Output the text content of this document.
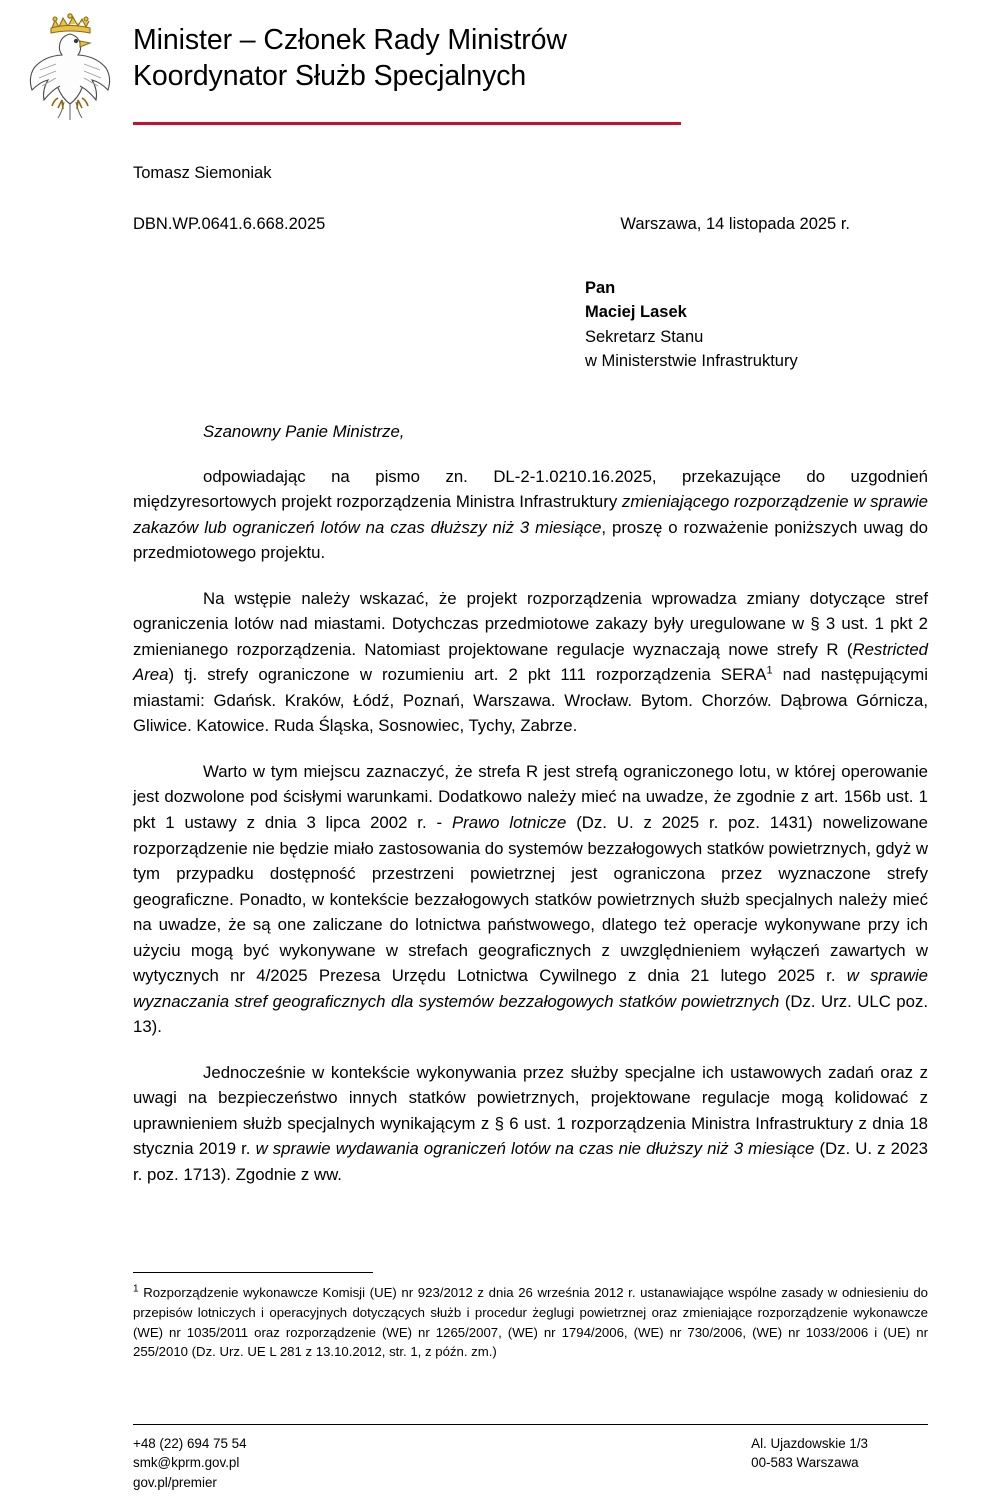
Minister – Członek Rady Ministrów
Koordynator Służb Specjalnych
Tomasz Siemoniak
DBN.WP.0641.6.668.2025	Warszawa, 14 listopada 2025 r.
Pan
Maciej Lasek
Sekretarz Stanu
w Ministerstwie Infrastruktury
Szanowny Panie Ministrze,

odpowiadając na pismo zn. DL-2-1.0210.16.2025, przekazujące do uzgodnień międzyresortowych projekt rozporządzenia Ministra Infrastruktury zmieniającego rozporządzenie w sprawie zakazów lub ograniczeń lotów na czas dłuższy niż 3 miesiące, proszę o rozważenie poniższych uwag do przedmiotowego projektu.

Na wstępie należy wskazać, że projekt rozporządzenia wprowadza zmiany dotyczące stref ograniczenia lotów nad miastami. Dotychczas przedmiotowe zakazy były uregulowane w § 3 ust. 1 pkt 2 zmienianego rozporządzenia. Natomiast projektowane regulacje wyznaczają nowe strefy R (Restricted Area) tj. strefy ograniczone w rozumieniu art. 2 pkt 111 rozporządzenia SERA$^1$ nad następującymi miastami: Gdańsk. Kraków, Łódź, Poznań, Warszawa. Wrocław. Bytom. Chorzów. Dąbrowa Górnicza, Gliwice. Katowice. Ruda Śląska, Sosnowiec, Tychy, Zabrze.

Warto w tym miejscu zaznaczyć, że strefa R jest strefą ograniczonego lotu, w której operowanie jest dozwolone pod ścisłymi warunkami. Dodatkowo należy mieć na uwadze, że zgodnie z art. 156b ust. 1 pkt 1 ustawy z dnia 3 lipca 2002 r. - Prawo lotnicze (Dz. U. z 2025 r. poz. 1431) nowelizowane rozporządzenie nie będzie miało zastosowania do systemów bezzałogowych statków powietrznych, gdyż w tym przypadku dostępność przestrzeni powietrznej jest ograniczona przez wyznaczone strefy geograficzne. Ponadto, w kontekście bezzałogowych statków powietrznych służb specjalnych należy mieć na uwadze, że są one zaliczane do lotnictwa państwowego, dlatego też operacje wykonywane przy ich użyciu mogą być wykonywane w strefach geograficznych z uwzględnieniem wyłączeń zawartych w wytycznych nr 4/2025 Prezesa Urzędu Lotnictwa Cywilnego z dnia 21 lutego 2025 r. w sprawie wyznaczania stref geograficznych dla systemów bezzałogowych statków powietrznych (Dz. Urz. ULC poz. 13).

Jednocześnie w kontekście wykonywania przez służby specjalne ich ustawowych zadań oraz z uwagi na bezpieczeństwo innych statków powietrznych, projektowane regulacje mogą kolidować z uprawnieniem służb specjalnych wynikającym z § 6 ust. 1 rozporządzenia Ministra Infrastruktury z dnia 18 stycznia 2019 r. w sprawie wydawania ograniczeń lotów na czas nie dłuższy niż 3 miesiące (Dz. U. z 2023 r. poz. 1713). Zgodnie z ww.

$^1$ Rozporządzenie wykonawcze Komisji (UE) nr 923/2012 z dnia 26 września 2012 r. ustanawiające wspólne zasady w odniesieniu do przepisów lotniczych i operacyjnych dotyczących służb i procedur żeglugi powietrznej oraz zmieniające rozporządzenie wykonawcze (WE) nr 1035/2011 oraz rozporządzenie (WE) nr 1265/2007, (WE) nr 1794/2006, (WE) nr 730/2006, (WE) nr 1033/2006 i (UE) nr 255/2010 (Dz. Urz. UE L 281 z 13.10.2012, str. 1, z późn. zm.)
+48 (22) 694 75 54
smk@kprm.gov.pl
gov.pl/premier
Al. Ujazdowskie 1/3
00-583 Warszawa
